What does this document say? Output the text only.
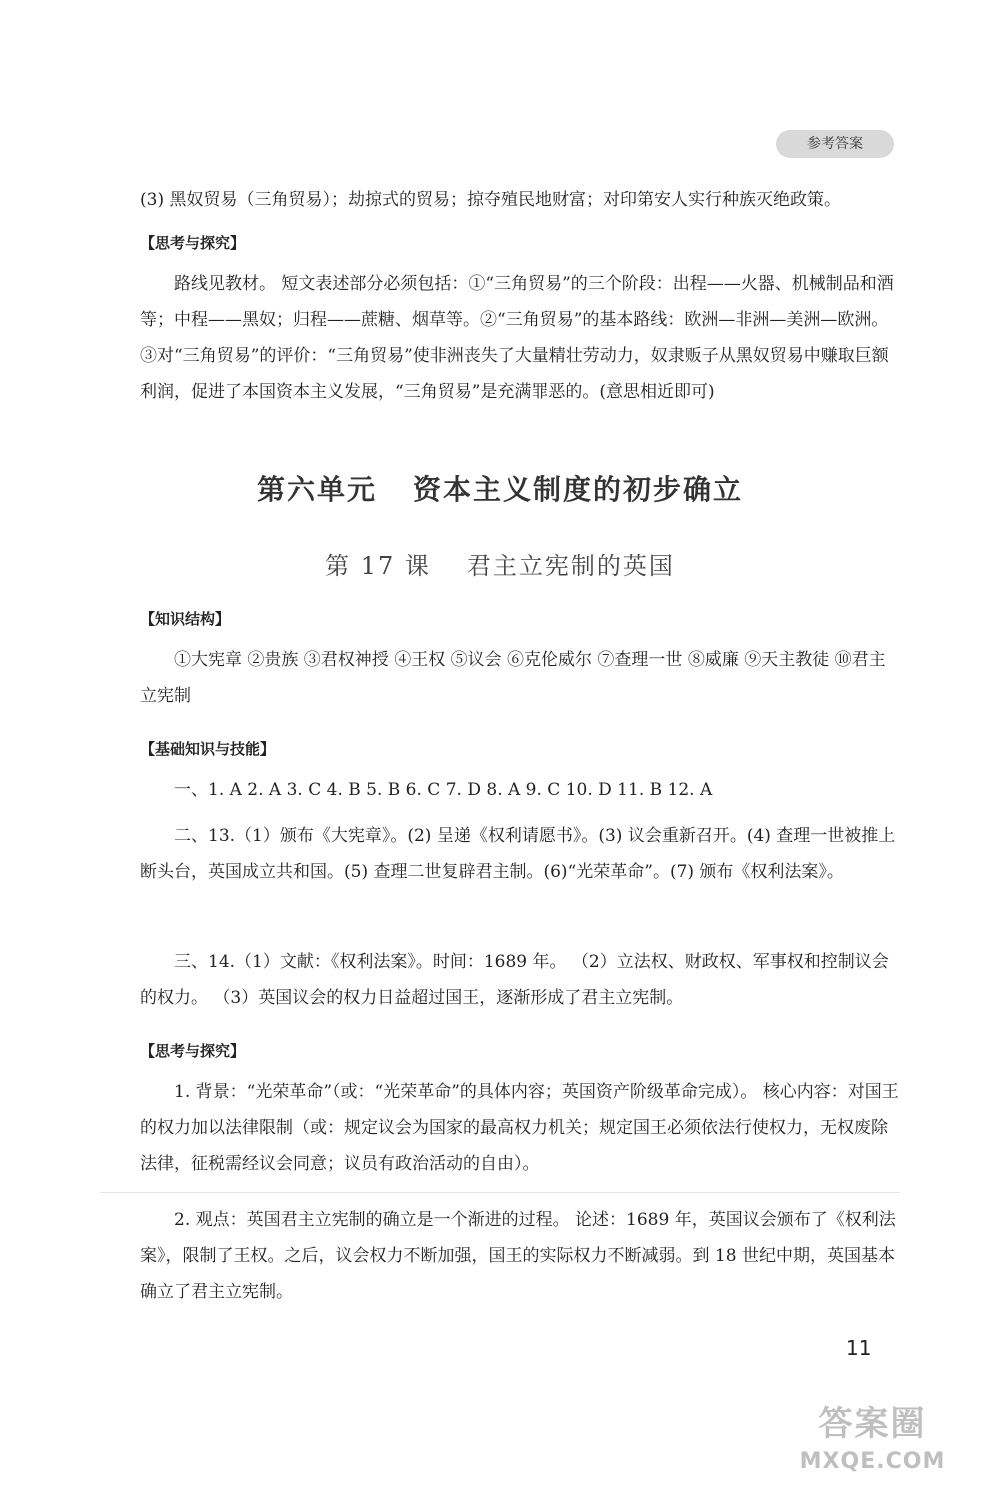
参考答案

(3) 黑奴贸易（三角贸易）；劫掠式的贸易；掠夺殖民地财富；对印第安人实行种族灭绝政策。

【思考与探究】

路线见教材。 短文表述部分必须包括：①“三角贸易”的三个阶段：出程——火器、机械制品和酒等；中程——黑奴；归程——蔗糖、烟草等。②“三角贸易”的基本路线：欧洲—非洲—美洲—欧洲。③对“三角贸易”的评价：“三角贸易”使非洲丧失了大量精壮劳动力，奴隶贩子从黑奴贸易中赚取巨额利润，促进了本国资本主义发展，“三角贸易”是充满罪恶的。(意思相近即可)

第六单元 资本主义制度的初步确立
第 17 课 君主立宪制的英国
【知识结构】

①大宪章 ②贵族 ③君权神授 ④王权 ⑤议会 ⑥克伦威尔 ⑦查理一世 ⑧威廉 ⑨天主教徒 ⑩君主立宪制

【基础知识与技能】

一、1. A 2. A 3. C 4. B 5. B 6. C 7. D 8. A 9. C 10. D 11. B 12. A

二、13.（1）颁布《大宪章》。(2) 呈递《权利请愿书》。(3) 议会重新召开。(4) 查理一世被推上断头台，英国成立共和国。(5) 查理二世复辟君主制。(6)“光荣革命”。(7) 颁布《权利法案》。

三、14.（1）文献：《权利法案》。时间：1689 年。 （2）立法权、财政权、军事权和控制议会的权力。 （3）英国议会的权力日益超过国王，逐渐形成了君主立宪制。

【思考与探究】

1. 背景：“光荣革命”（或：“光荣革命”的具体内容；英国资产阶级革命完成）。 核心内容：对国王的权力加以法律限制（或：规定议会为国家的最高权力机关；规定国王必须依法行使权力，无权废除法律，征税需经议会同意；议员有政治活动的自由）。

2. 观点：英国君主立宪制的确立是一个渐进的过程。 论述：1689 年，英国议会颁布了《权利法案》，限制了王权。之后，议会权力不断加强，国王的实际权力不断减弱。到 18 世纪中期，英国基本确立了君主立宪制。

11
答案圈
MXQE.COM
